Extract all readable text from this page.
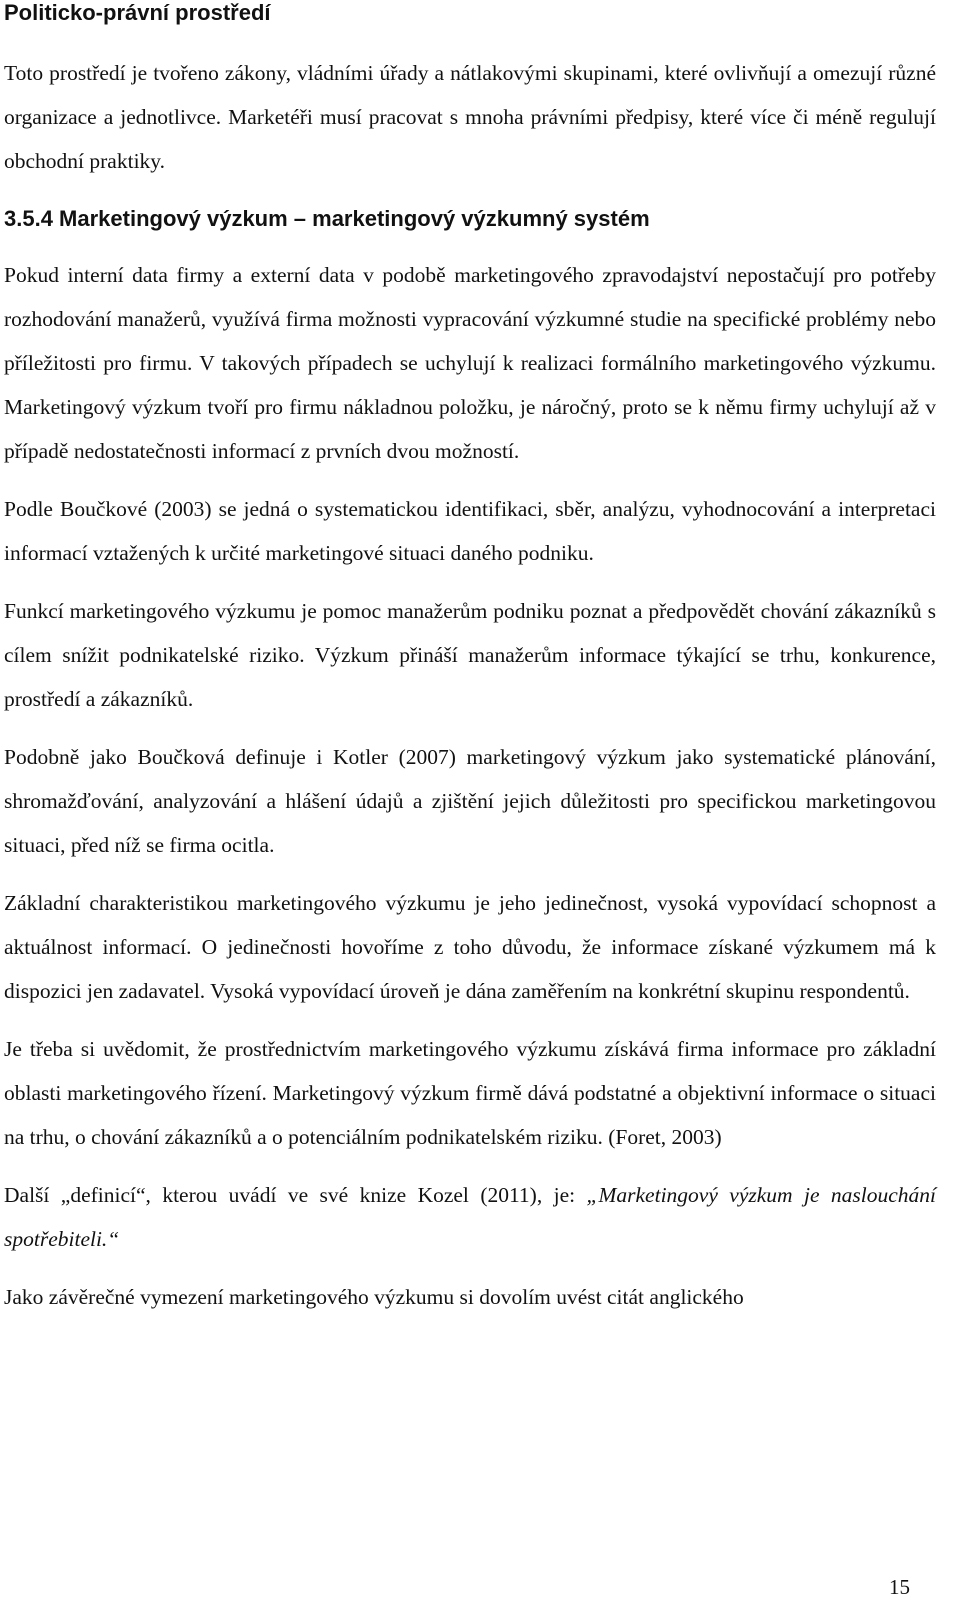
Politicko-právní prostředí

Toto prostředí je tvořeno zákony, vládními úřady a nátlakovými skupinami, které ovlivňují a omezují různé organizace a jednotlivce. Marketéři musí pracovat s mnoha právními předpisy, které více či méně regulují obchodní praktiky.

3.5.4 Marketingový výzkum – marketingový výzkumný systém

Pokud interní data firmy a externí data v podobě marketingového zpravodajství nepostačují pro potřeby rozhodování manažerů, využívá firma možnosti vypracování výzkumné studie na specifické problémy nebo příležitosti pro firmu. V takových případech se uchylují k realizaci formálního marketingového výzkumu. Marketingový výzkum tvoří pro firmu nákladnou položku, je náročný, proto se k němu firmy uchylují až v případě nedostatečnosti informací z prvních dvou možností.

Podle Boučkové (2003) se jedná o systematickou identifikaci, sběr, analýzu, vyhodnocování a interpretaci informací vztažených k určité marketingové situaci daného podniku.

Funkcí marketingového výzkumu je pomoc manažerům podniku poznat a předpovědět chování zákazníků s cílem snížit podnikatelské riziko. Výzkum přináší manažerům informace týkající se trhu, konkurence, prostředí a zákazníků.

Podobně jako Boučková definuje i Kotler (2007) marketingový výzkum jako systematické plánování, shromažďování, analyzování a hlášení údajů a zjištění jejich důležitosti pro specifickou marketingovou situaci, před níž se firma ocitla.

Základní charakteristikou marketingového výzkumu je jeho jedinečnost, vysoká vypovídací schopnost a aktuálnost informací. O jedinečnosti hovoříme z toho důvodu, že informace získané výzkumem má k dispozici jen zadavatel. Vysoká vypovídací úroveň je dána zaměřením na konkrétní skupinu respondentů.

Je třeba si uvědomit, že prostřednictvím marketingového výzkumu získává firma informace pro základní oblasti marketingového řízení. Marketingový výzkum firmě dává podstatné a objektivní informace o situaci na trhu, o chování zákazníků a o potenciálním podnikatelském riziku. (Foret, 2003)

Další „definicí“, kterou uvádí ve své knize Kozel (2011), je: „Marketingový výzkum je naslouchání spotřebiteli.“

Jako závěrečné vymezení marketingového výzkumu si dovolím uvést citát anglického

15
